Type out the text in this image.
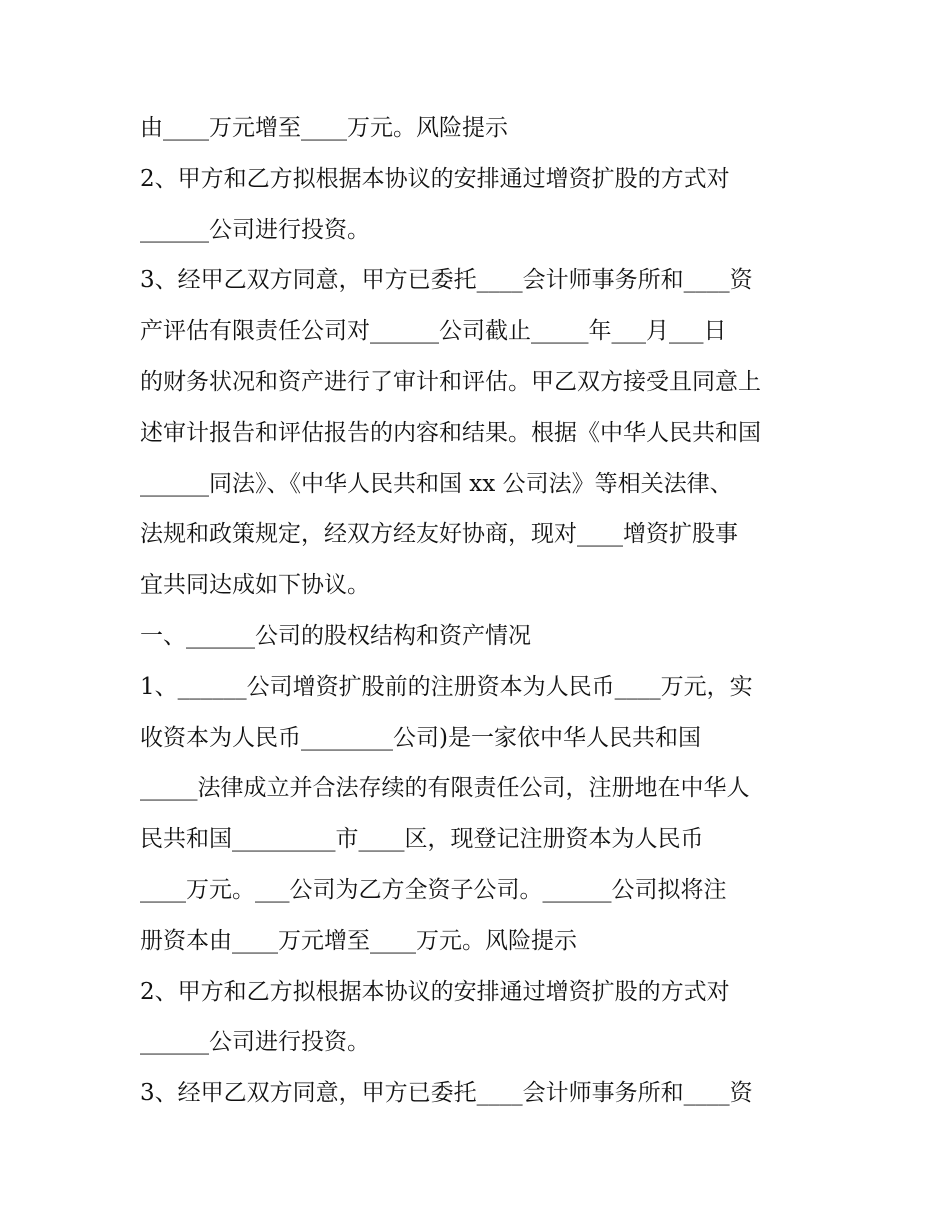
由____万元增至____万元。风险提示
2、甲方和乙方拟根据本协议的安排通过增资扩股的方式对
______公司进行投资。
3、经甲乙双方同意，甲方已委托____会计师事务所和____资
产评估有限责任公司对______公司截止_____年___月___日
的财务状况和资产进行了审计和评估。甲乙双方接受且同意上
述审计报告和评估报告的内容和结果。根据《中华人民共和国
______同法》、《中华人民共和国 xx 公司法》等相关法律、
法规和政策规定，经双方经友好协商，现对____增资扩股事
宜共同达成如下协议。
一、______公司的股权结构和资产情况
1、______公司增资扩股前的注册资本为人民币____万元，实
收资本为人民币________公司)是一家依中华人民共和国
_____法律成立并合法存续的有限责任公司，注册地在中华人
民共和国_________市____区，现登记注册资本为人民币
____万元。___公司为乙方全资子公司。______公司拟将注
册资本由____万元增至____万元。风险提示
2、甲方和乙方拟根据本协议的安排通过增资扩股的方式对
______公司进行投资。
3、经甲乙双方同意，甲方已委托____会计师事务所和____资
